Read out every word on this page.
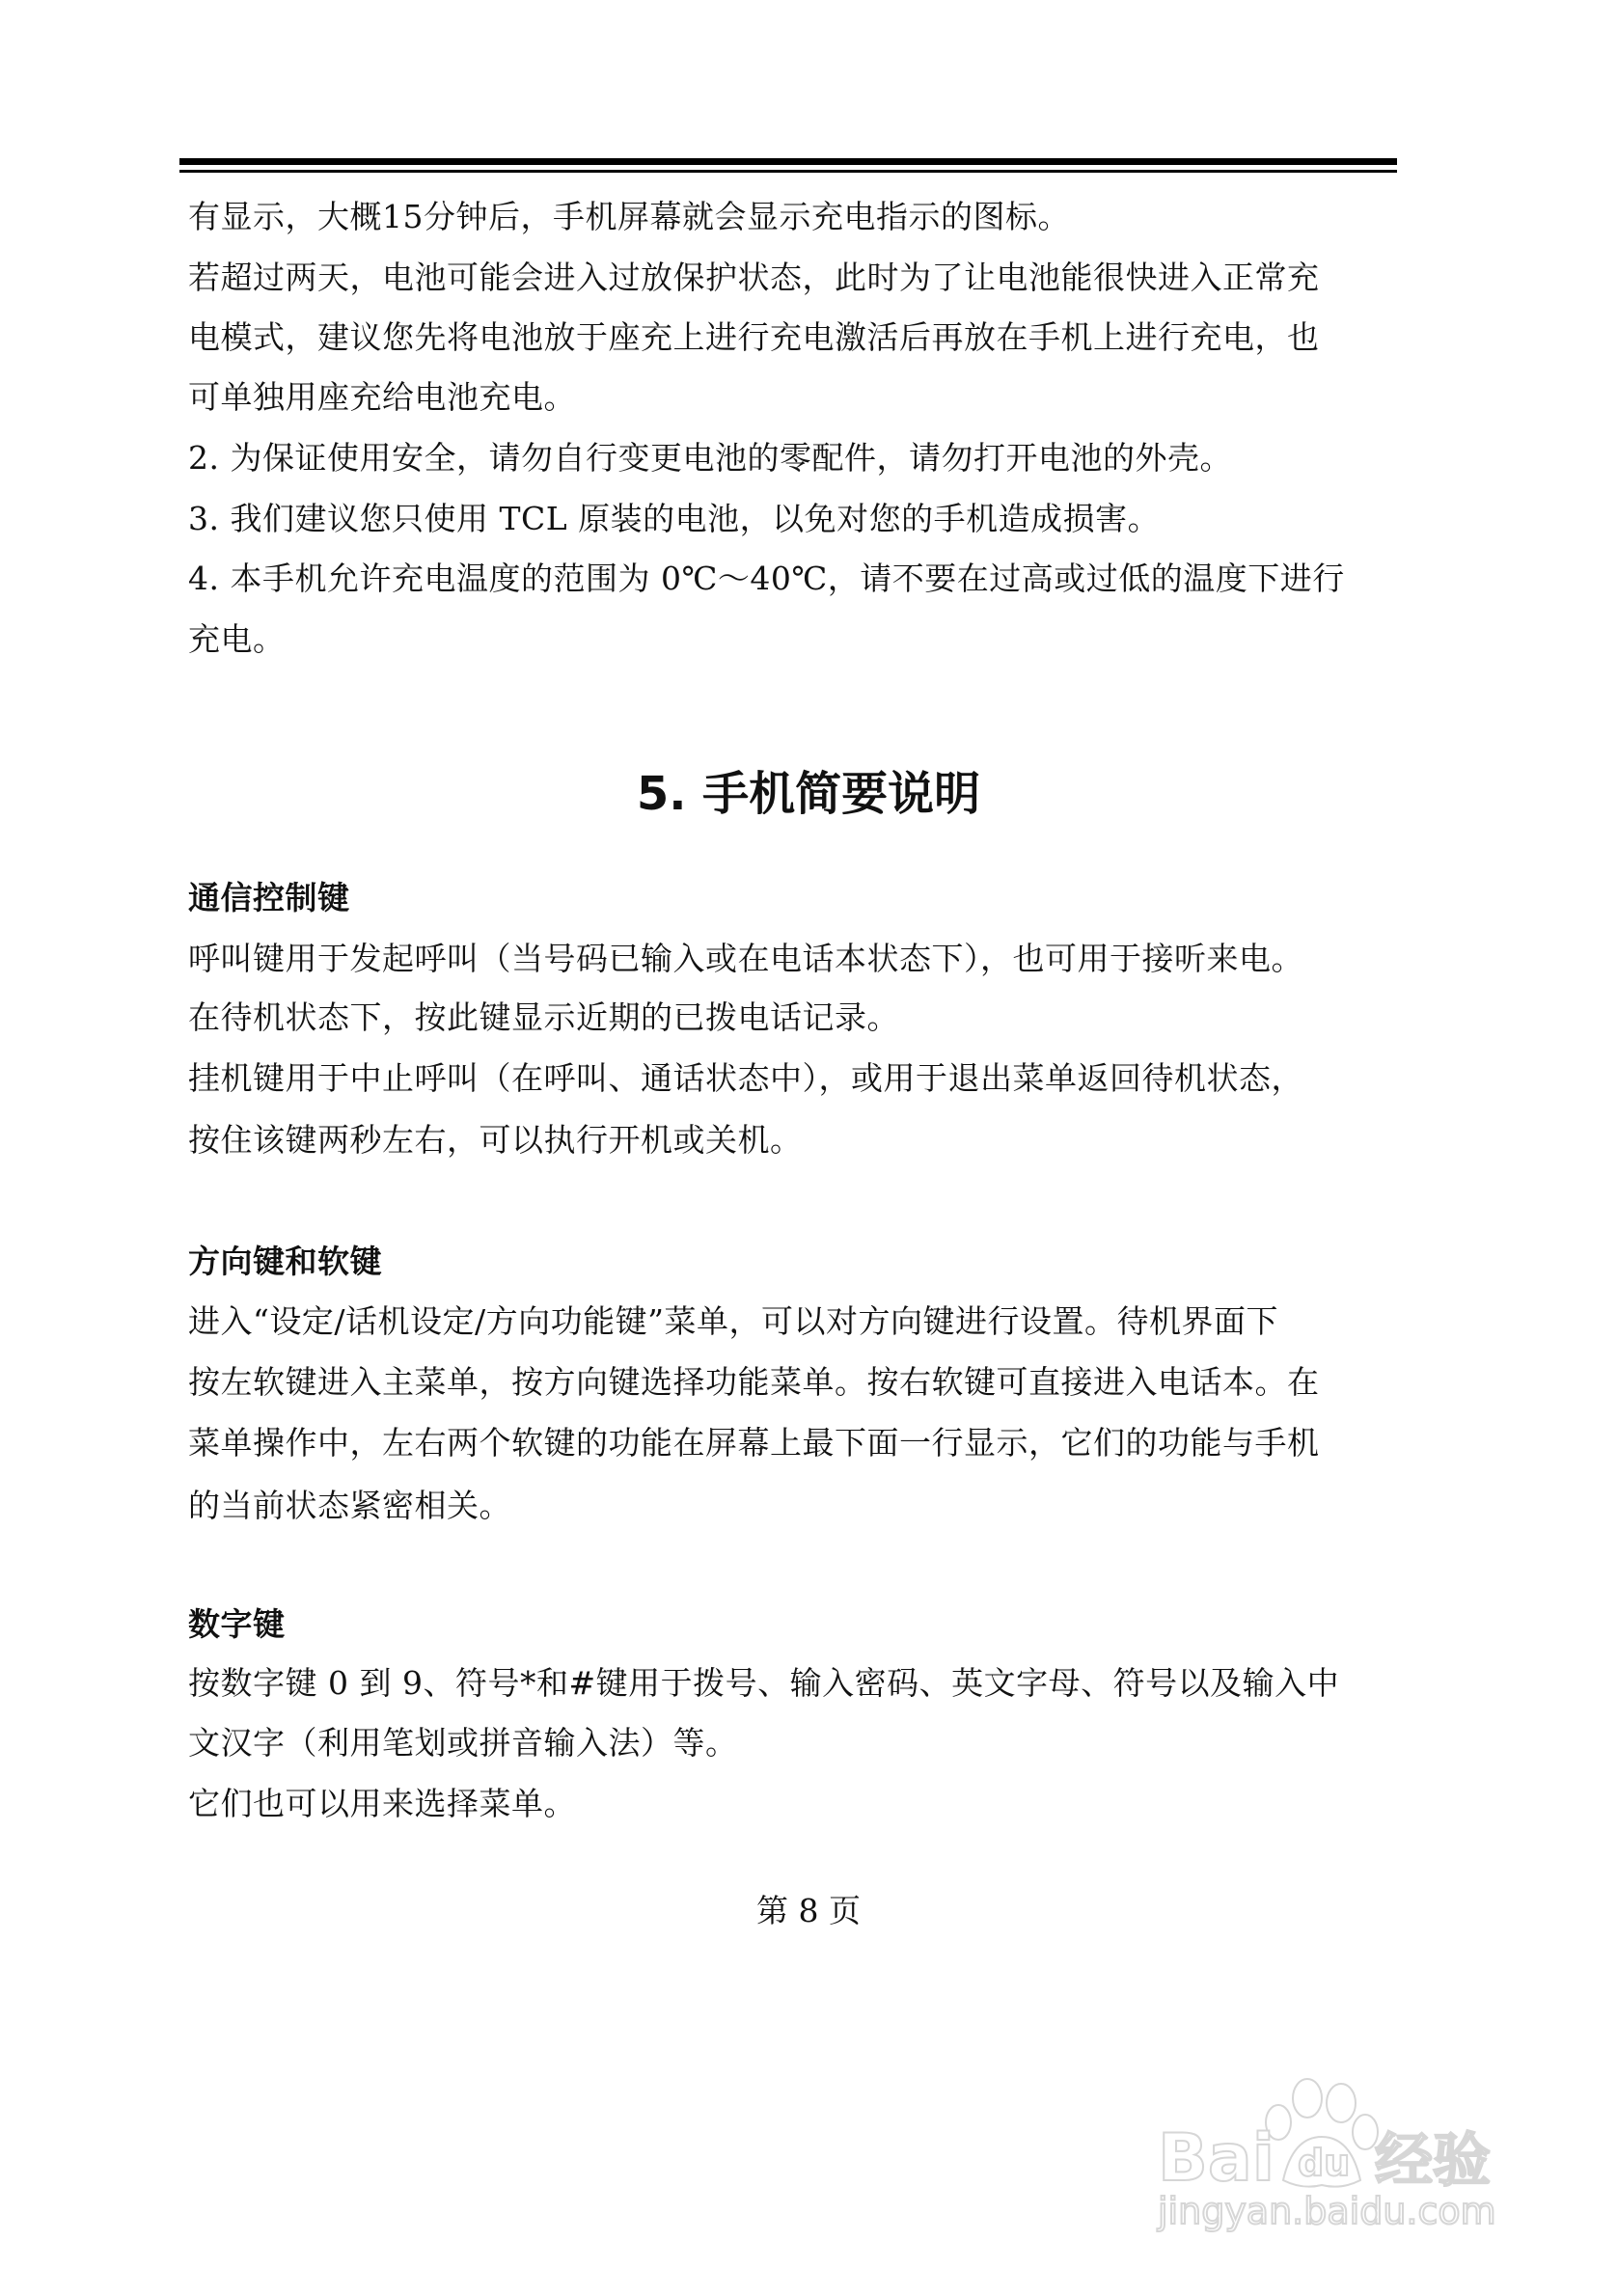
有显示，大概15分钟后，手机屏幕就会显示充电指示的图标。
若超过两天，电池可能会进入过放保护状态，此时为了让电池能很快进入正常充
电模式，建议您先将电池放于座充上进行充电激活后再放在手机上进行充电，也
可单独用座充给电池充电。
2. 为保证使用安全，请勿自行变更电池的零配件，请勿打开电池的外壳。
3. 我们建议您只使用 TCL 原装的电池，以免对您的手机造成损害。
4. 本手机允许充电温度的范围为 0℃～40℃，请不要在过高或过低的温度下进行
充电。
5. 手机简要说明
通信控制键
呼叫键用于发起呼叫（当号码已输入或在电话本状态下），也可用于接听来电。
在待机状态下，按此键显示近期的已拨电话记录。
挂机键用于中止呼叫（在呼叫、通话状态中），或用于退出菜单返回待机状态，
按住该键两秒左右，可以执行开机或关机。
方向键和软键
进入“设定/话机设定/方向功能键”菜单，可以对方向键进行设置。待机界面下
按左软键进入主菜单，按方向键选择功能菜单。按右软键可直接进入电话本。在
菜单操作中，左右两个软键的功能在屏幕上最下面一行显示，它们的功能与手机
的当前状态紧密相关。
数字键
按数字键 0 到 9、符号*和#键用于拨号、输入密码、英文字母、符号以及输入中
文汉字（利用笔划或拼音输入法）等。
它们也可以用来选择菜单。
第 8 页
Bai du 经验
jingyan.baidu.com
